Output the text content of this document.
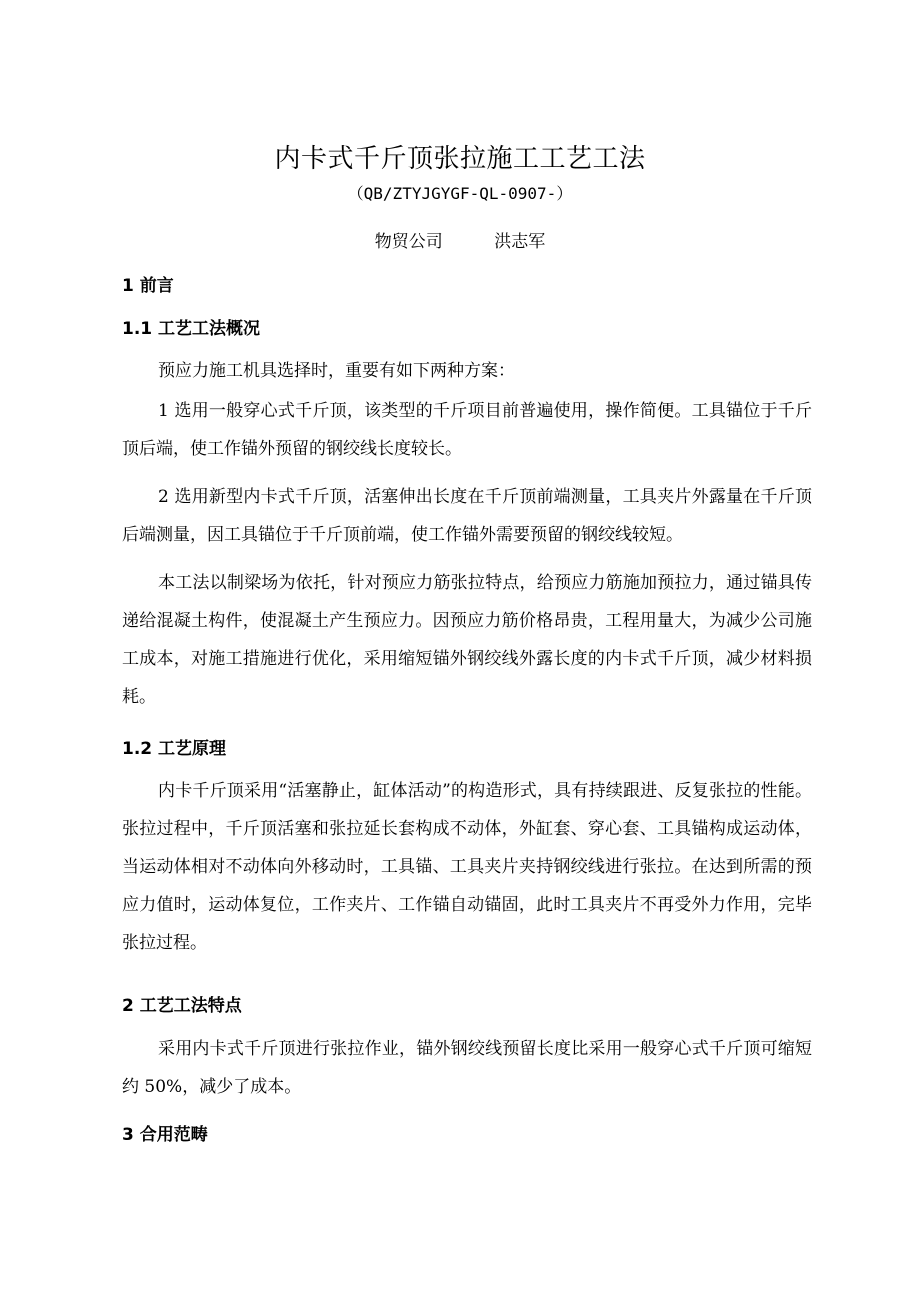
内卡式千斤顶张拉施工工艺工法
（QB/ZTYJGYGF-QL-0907-）
物贸公司	洪志军
1 前言
1.1 工艺工法概况
预应力施工机具选择时，重要有如下两种方案：
1 选用一般穿心式千斤顶，该类型的千斤项目前普遍使用，操作简便。工具锚位于千斤顶后端，使工作锚外预留的钢绞线长度较长。
2 选用新型内卡式千斤顶，活塞伸出长度在千斤顶前端测量，工具夹片外露量在千斤顶后端测量，因工具锚位于千斤顶前端，使工作锚外需要预留的钢绞线较短。
本工法以制梁场为依托，针对预应力筋张拉特点，给预应力筋施加预拉力，通过锚具传递给混凝土构件，使混凝土产生预应力。因预应力筋价格昂贵，工程用量大，为减少公司施工成本，对施工措施进行优化，采用缩短锚外钢绞线外露长度的内卡式千斤顶，减少材料损耗。
1.2 工艺原理
内卡千斤顶采用“活塞静止，缸体活动”的构造形式，具有持续跟进、反复张拉的性能。张拉过程中，千斤顶活塞和张拉延长套构成不动体，外缸套、穿心套、工具锚构成运动体，当运动体相对不动体向外移动时，工具锚、工具夹片夹持钢绞线进行张拉。在达到所需的预应力值时，运动体复位，工作夹片、工作锚自动锚固，此时工具夹片不再受外力作用，完毕张拉过程。
2 工艺工法特点
采用内卡式千斤顶进行张拉作业，锚外钢绞线预留长度比采用一般穿心式千斤顶可缩短约 50%，减少了成本。
3 合用范畴
